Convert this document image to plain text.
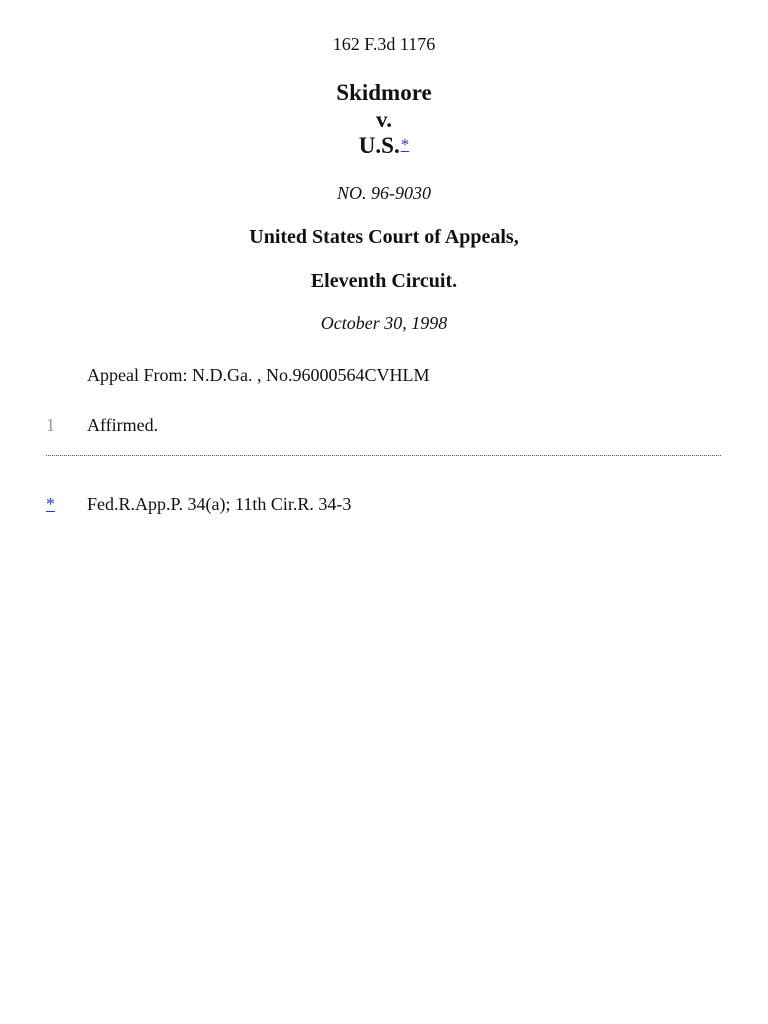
162 F.3d 1176
Skidmore
v.
U.S.*
NO. 96-9030
United States Court of Appeals,
Eleventh Circuit.
October 30, 1998
Appeal From: N.D.Ga. , No.96000564CVHLM
1 Affirmed.
* Fed.R.App.P. 34(a); 11th Cir.R. 34-3
